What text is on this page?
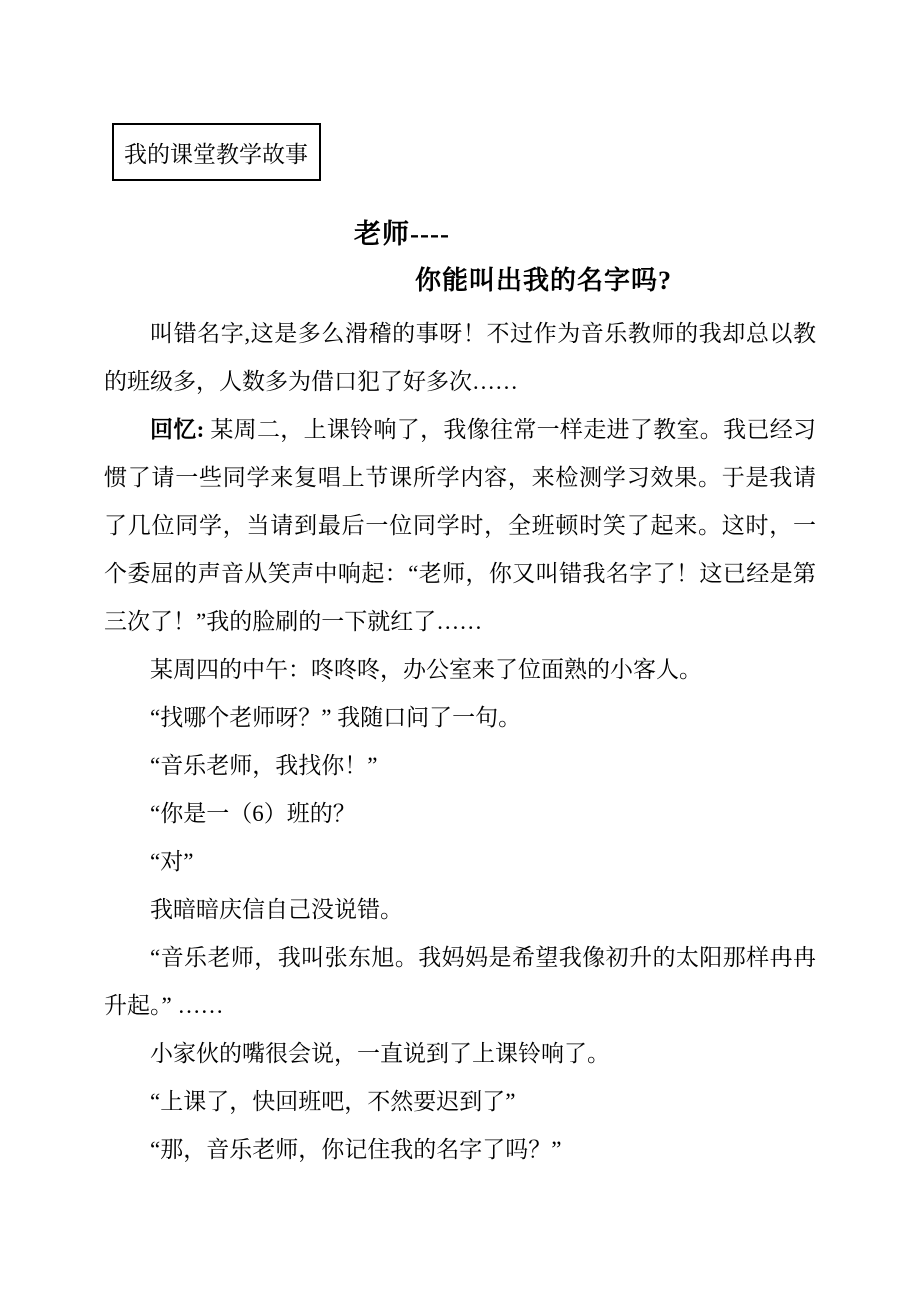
我的课堂教学故事
老师----
你能叫出我的名字吗?

叫错名字,这是多么滑稽的事呀！不过作为音乐教师的我却总以教的班级多，人数多为借口犯了好多次……

回忆: 某周二，上课铃响了，我像往常一样走进了教室。我已经习惯了请一些同学来复唱上节课所学内容，来检测学习效果。于是我请了几位同学，当请到最后一位同学时，全班顿时笑了起来。这时，一个委屈的声音从笑声中响起：“老师，你又叫错我名字了！这已经是第三次了！”我的脸刷的一下就红了……

某周四的中午：咚咚咚，办公室来了位面熟的小客人。

“找哪个老师呀？” 我随口问了一句。

“音乐老师，我找你！”

“你是一（6）班的？

“对”

我暗暗庆信自己没说错。

“音乐老师，我叫张东旭。我妈妈是希望我像初升的太阳那样冉冉升起。” ……

小家伙的嘴很会说，一直说到了上课铃响了。

“上课了，快回班吧，不然要迟到了”

“那，音乐老师，你记住我的名字了吗？”
